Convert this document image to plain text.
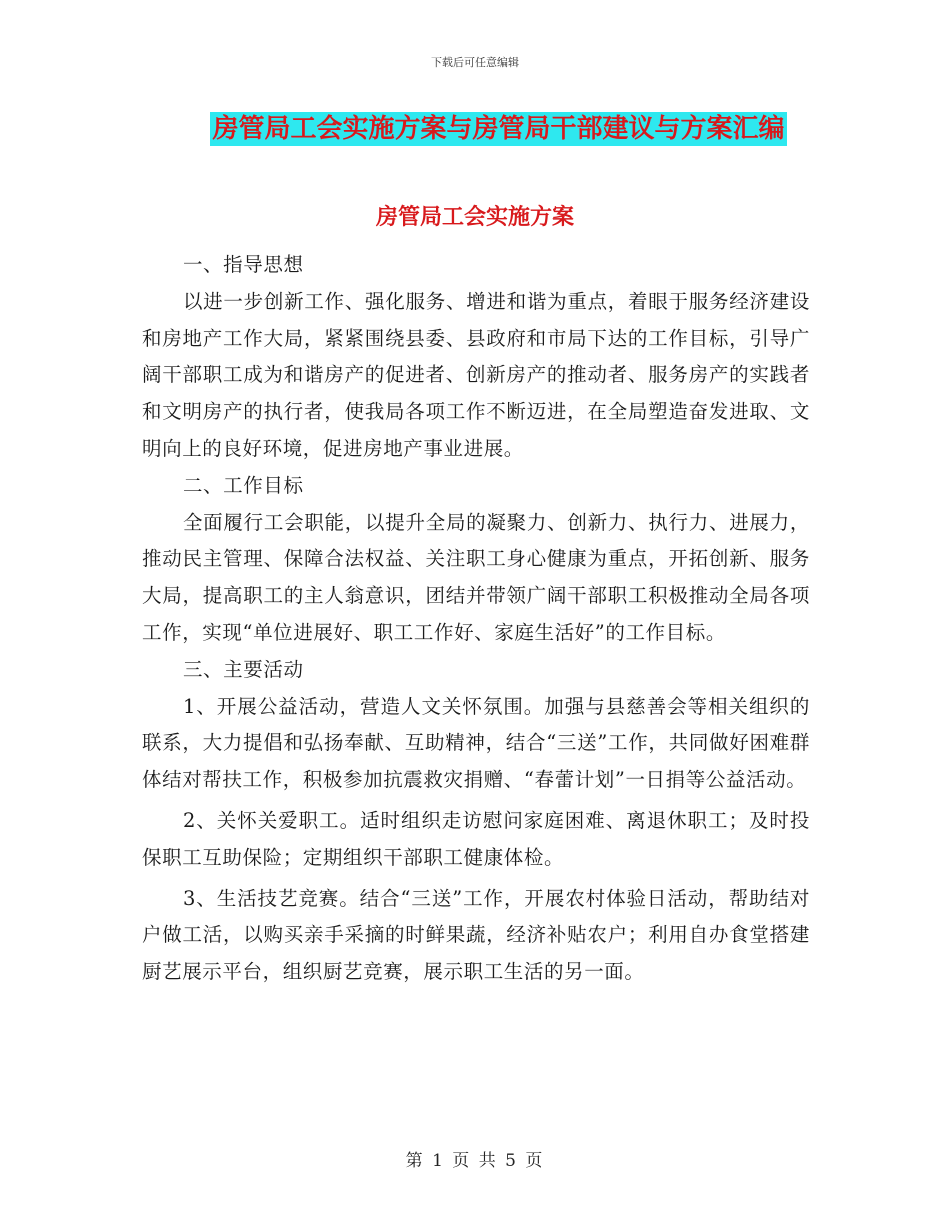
下载后可任意编辑
房管局工会实施方案与房管局干部建议与方案汇编
房管局工会实施方案

一、指导思想

以进一步创新工作、强化服务、增进和谐为重点，着眼于服务经济建设和房地产工作大局，紧紧围绕县委、县政府和市局下达的工作目标，引导广阔干部职工成为和谐房产的促进者、创新房产的推动者、服务房产的实践者和文明房产的执行者，使我局各项工作不断迈进，在全局塑造奋发进取、文明向上的良好环境，促进房地产事业进展。

二、工作目标

全面履行工会职能，以提升全局的凝聚力、创新力、执行力、进展力，推动民主管理、保障合法权益、关注职工身心健康为重点，开拓创新、服务大局，提高职工的主人翁意识，团结并带领广阔干部职工积极推动全局各项工作，实现“单位进展好、职工工作好、家庭生活好”的工作目标。

三、主要活动

1、开展公益活动，营造人文关怀氛围。加强与县慈善会等相关组织的联系，大力提倡和弘扬奉献、互助精神，结合“三送”工作，共同做好困难群体结对帮扶工作，积极参加抗震救灾捐赠、“春蕾计划”一日捐等公益活动。

2、关怀关爱职工。适时组织走访慰问家庭困难、离退休职工；及时投保职工互助保险；定期组织干部职工健康体检。

3、生活技艺竞赛。结合“三送”工作，开展农村体验日活动，帮助结对户做工活，以购买亲手采摘的时鲜果蔬，经济补贴农户；利用自办食堂搭建厨艺展示平台，组织厨艺竞赛，展示职工生活的另一面。

第 1 页 共 5 页
